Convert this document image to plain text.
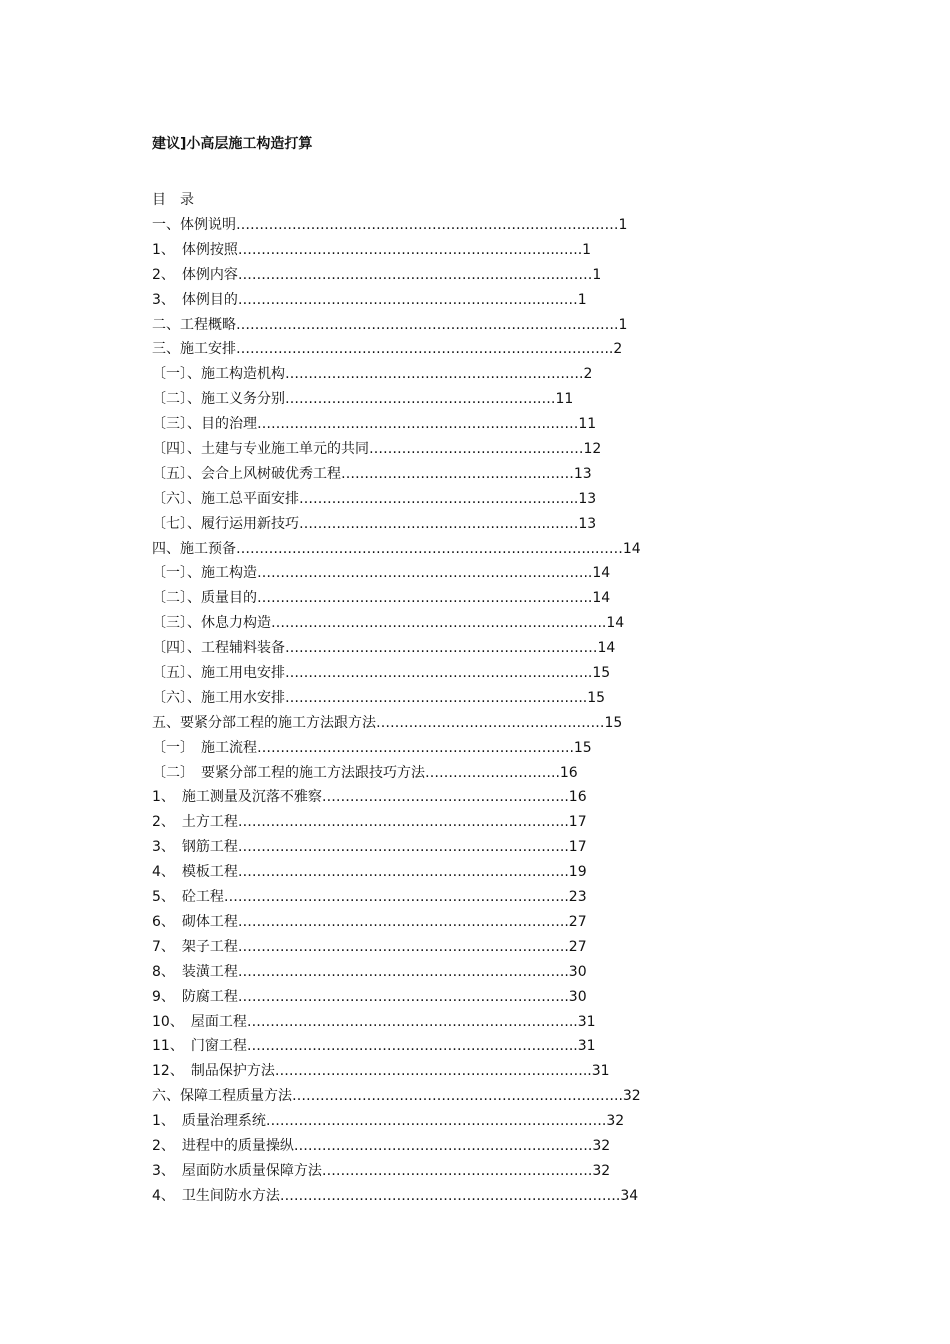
建议]小高层施工构造打算
目　录
一、体例说明………………………………………………………………….……1
1、　体例按照…………………………………………………………...…..1
2、　体例内容…………………………………………………………….……1
3、　体例目的………………………………………………………..…..…1
二、工程概略……………………………………………………………………….1
三、施工安排………………………………………………………………….…..2
〔一〕、施工构造机构……………………………………………………….2
〔二〕、施工义务分别……………………………………………….…11
〔三〕、目的治理………………………………………………….…..……11
〔四〕、土建与专业施工单元的共同……………………………….………12
〔五〕、会合上风树破优秀工程……………………………………..……13
〔六〕、施工总平面安排……………………………………………….…..13
〔七〕、履行运用新技巧……………………………………………...……13
四、施工预备…………………………………………………………………..……14
〔一〕、施工构造……………………………………………………….……..14
〔二〕、质量目的……………………………………………………….……..14
〔三〕、休息力构造…………………………………………………….………..14
〔四〕、工程辅料装备…………………………………………………….……14
〔五〕、施工用电安排………………………………………………….……..15
〔六〕、施工用水安排……………………………………………….…..…..15
五、要紧分部工程的施工方法跟方法…………………………………….……15
〔一〕　施工流程…………………………………………………………..15
〔二〕　要紧分部工程的施工方法跟技巧方法………………………..16
1、　施工测量及沉落不雅察……………………………………………..16
2、　土方工程……………………………………………………………..17
3、　钢筋工程……………………………………………………………..17
4、　模板工程……………………………………………………………..19
5、　砼工程………………………………………………………………..23
6、　砌体工程……………………………………………………………..27
7、　架子工程……………………………………………………………..27
8、　装潢工程……………………………………………………………..30
9、　防腐工程……………………………………………………………..30
10、　屋面工程……………………………………………………………..31
11、　门窗工程……………………………………………………………..31
12、　制品保护方法…………………………………………………………..31
六、保障工程质量方法……………………………………………………………..32
1、　质量治理系统……………………………………………………………….32
2、　进程中的质量操纵……………………………………………………….32
3、　屋面防水质量保障方法………………………………………………….32
4、　卫生间防水方法……………………………………………………………….34
